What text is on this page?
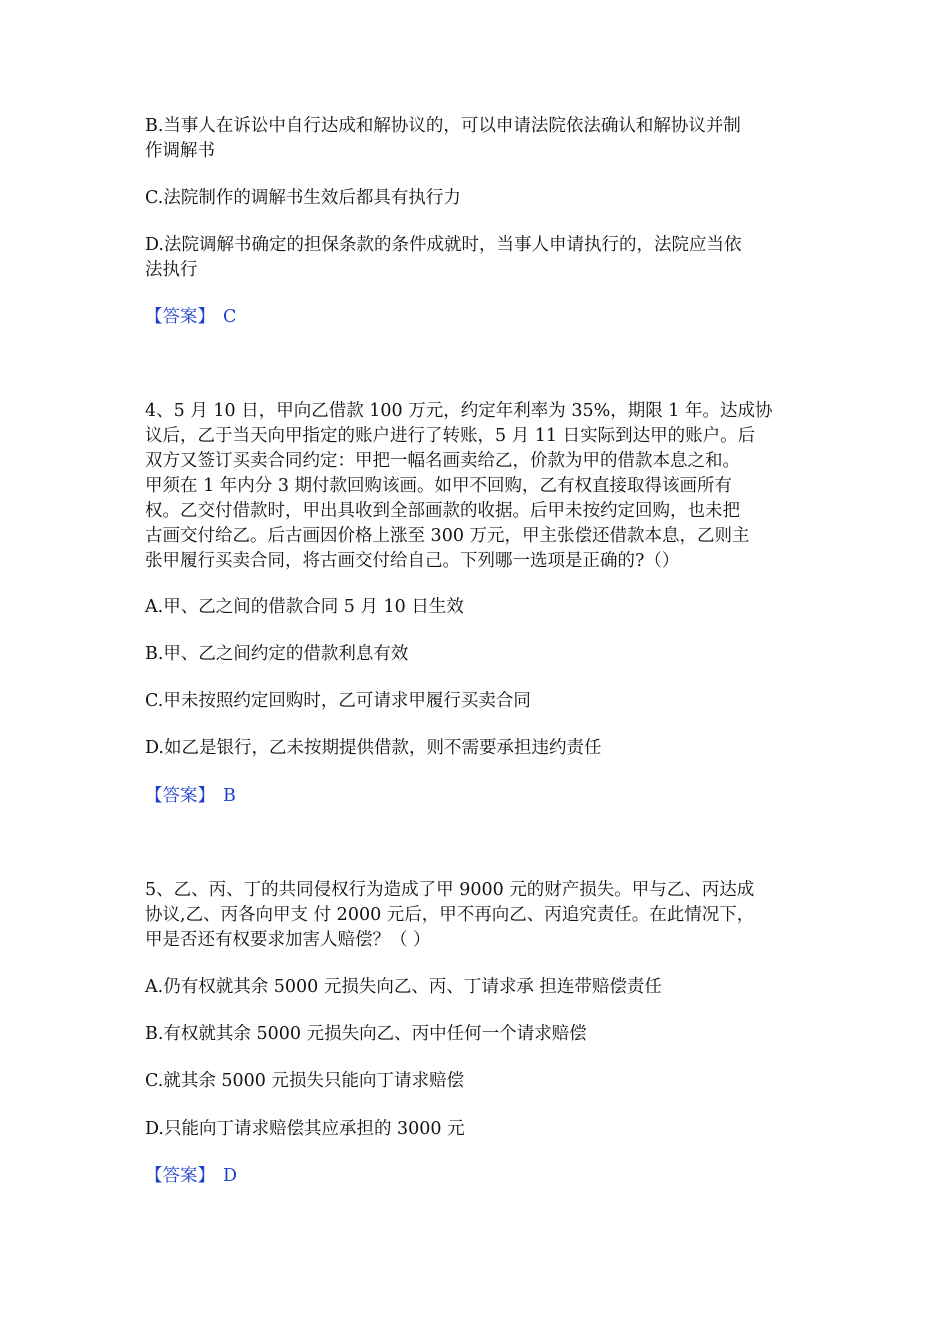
B.当事人在诉讼中自行达成和解协议的，可以申请法院依法确认和解协议并制
作调解书
C.法院制作的调解书生效后都具有执行力
D.法院调解书确定的担保条款的条件成就时，当事人申请执行的，法院应当依
法执行
【答案】 C
4、5 月 10 日，甲向乙借款 100 万元，约定年利率为 35%，期限 1 年。达成协
议后，乙于当天向甲指定的账户进行了转账，5 月 11 日实际到达甲的账户。后
双方又签订买卖合同约定：甲把一幅名画卖给乙，价款为甲的借款本息之和。
甲须在 1 年内分 3 期付款回购该画。如甲不回购，乙有权直接取得该画所有
权。乙交付借款时，甲出具收到全部画款的收据。后甲未按约定回购，也未把
古画交付给乙。后古画因价格上涨至 300 万元，甲主张偿还借款本息，乙则主
张甲履行买卖合同，将古画交付给自己。下列哪一选项是正确的?（）
A.甲、乙之间的借款合同 5 月 10 日生效
B.甲、乙之间约定的借款利息有效
C.甲未按照约定回购时，乙可请求甲履行买卖合同
D.如乙是银行，乙未按期提供借款，则不需要承担违约责任
【答案】 B
5、乙、丙、丁的共同侵权行为造成了甲 9000 元的财产损失。甲与乙、丙达成
协议,乙、丙各向甲支 付 2000 元后，甲不再向乙、丙追究责任。在此情况下，
甲是否还有权要求加害人赔偿？（ ）
A.仍有权就其余 5000 元损失向乙、丙、丁请求承 担连带赔偿责任
B.有权就其余 5000 元损失向乙、丙中任何一个请求赔偿
C.就其余 5000 元损失只能向丁请求赔偿
D.只能向丁请求赔偿其应承担的 3000 元
【答案】 D
